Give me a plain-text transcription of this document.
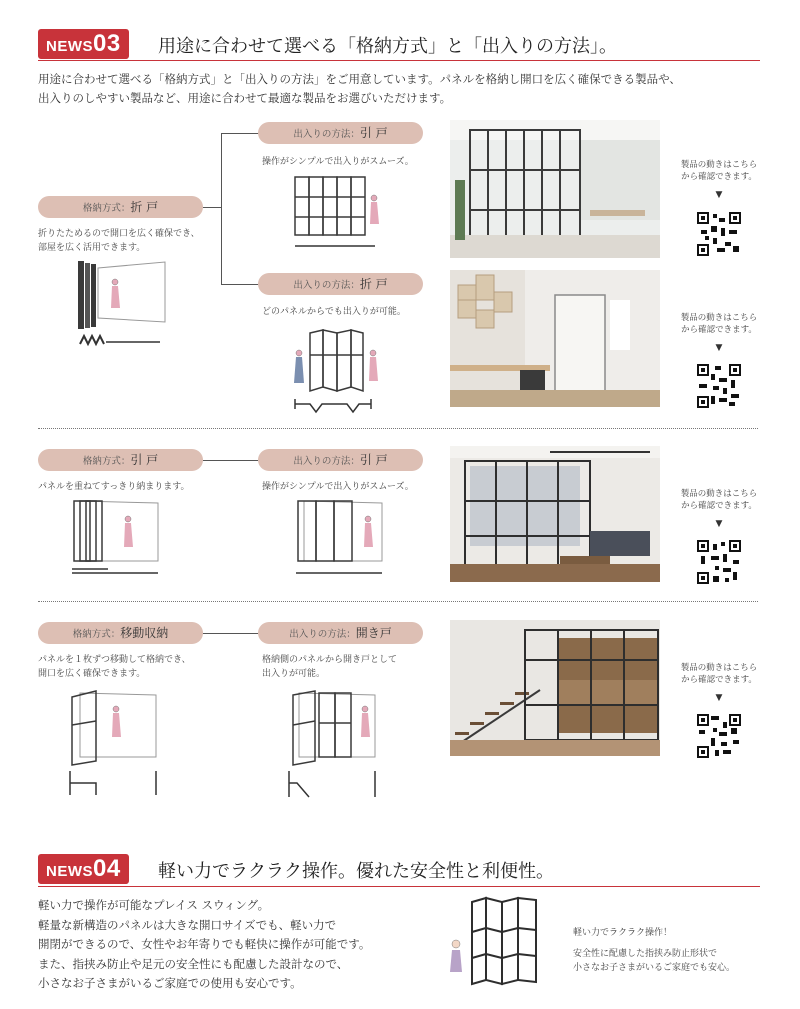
NEWS03	用途に合わせて選べる「格納方式」と「出入りの方法」。
用途に合わせて選べる「格納方式」と「出入りの方法」をご用意しています。パネルを格納し開口を広く確保できる製品や、
出入りのしやすい製品など、用途に合わせて最適な製品をお選びいただけます。
格納方式：折 戸
折りたためるので開口を広く確保でき、
部屋を広く活用できます。
出入りの方法：引 戸
操作がシンプルで出入りがスムーズ。	製品の動きはこちら
から確認できます。
▼
出入りの方法：折 戸
どのパネルからでも出入りが可能。
製品の動きはこちら
から確認できます。
▼
格納方式：引 戸
パネルを重ねてすっきり納まります。
出入りの方法：引 戸
操作がシンプルで出入りがスムーズ。
製品の動きはこちら
から確認できます。
▼
格納方式：移動収納
パネルを１枚ずつ移動して格納でき、
開口を広く確保できます。
出入りの方法：開き戸
格納側のパネルから開き戸として
出入りが可能。
製品の動きはこちら
から確認できます。
▼
NEWS04	軽い力でラクラク操作。優れた安全性と利便性。
軽い力で操作が可能なプレイス スウィング。
軽量な新構造のパネルは大きな開口サイズでも、軽い力で
開閉ができるので、女性やお年寄りでも軽快に操作が可能です。
また、指挟み防止や足元の安全性にも配慮した設計なので、
小さなお子さまがいるご家庭での使用も安心です。
軽い力でラクラク操作！
安全性に配慮した指挟み防止形状で
小さなお子さまがいるご家庭でも安心。
